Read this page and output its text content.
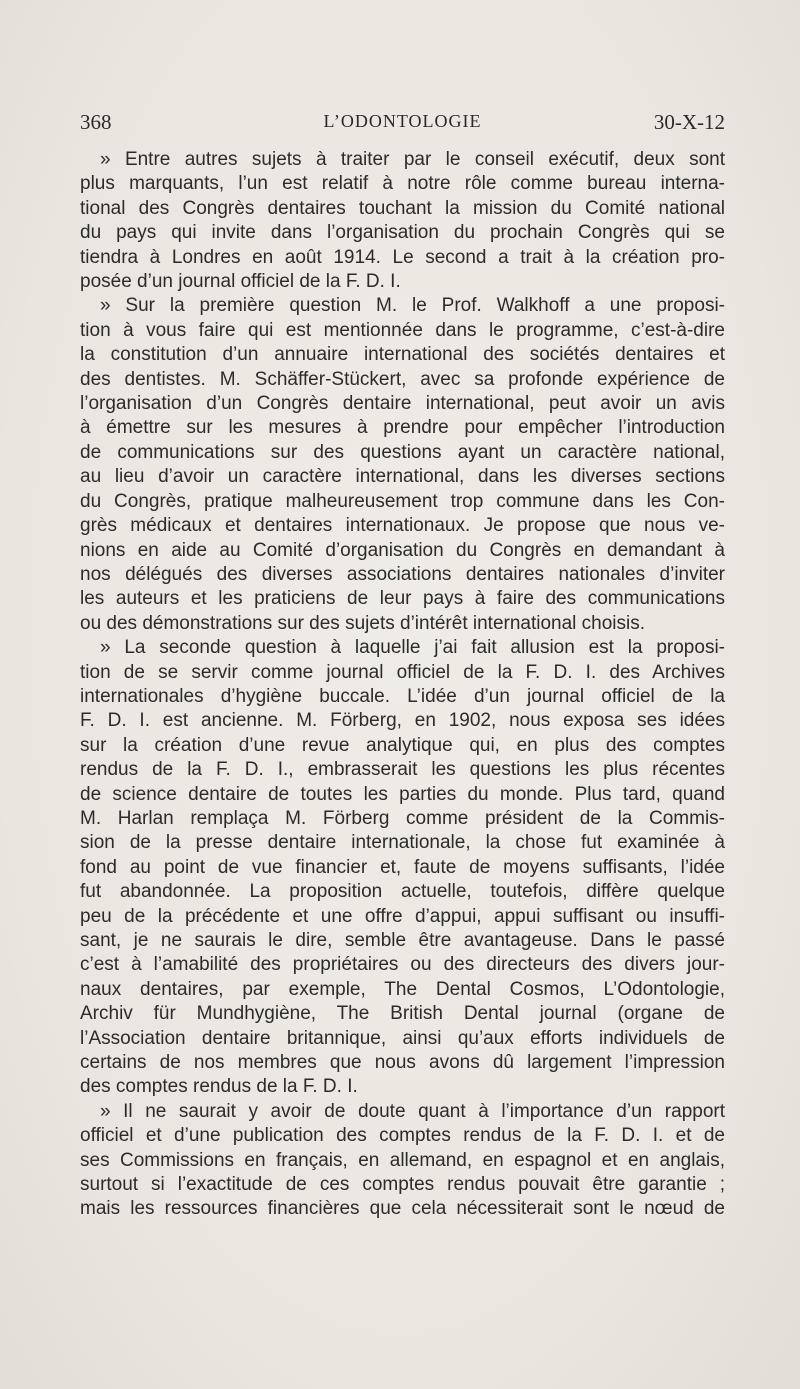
368	L’ODONTOLOGIE	30-X-12
» Entre autres sujets à traiter par le conseil exécutif, deux sont
plus marquants, l’un est relatif à notre rôle comme bureau interna-
tional des Congrès dentaires touchant la mission du Comité national
du pays qui invite dans l’organisation du prochain Congrès qui se
tiendra à Londres en août 1914. Le second a trait à la création pro-
posée d’un journal officiel de la F. D. I.
» Sur la première question M. le Prof. Walkhoff a une proposi-
tion à vous faire qui est mentionnée dans le programme, c’est-à-dire
la constitution d’un annuaire international des sociétés dentaires et
des dentistes. M. Schäffer-Stückert, avec sa profonde expérience de
l’organisation d’un Congrès dentaire international, peut avoir un avis
à émettre sur les mesures à prendre pour empêcher l’introduction
de communications sur des questions ayant un caractère national,
au lieu d’avoir un caractère international, dans les diverses sections
du Congrès, pratique malheureusement trop commune dans les Con-
grès médicaux et dentaires internationaux. Je propose que nous ve-
nions en aide au Comité d’organisation du Congrès en demandant à
nos délégués des diverses associations dentaires nationales d’inviter
les auteurs et les praticiens de leur pays à faire des communications
ou des démonstrations sur des sujets d’intérêt international choisis.
» La seconde question à laquelle j’ai fait allusion est la proposi-
tion de se servir comme journal officiel de la F. D. I. des Archives
internationales d’hygiène buccale. L’idée d’un journal officiel de la
F. D. I. est ancienne. M. Förberg, en 1902, nous exposa ses idées
sur la création d’une revue analytique qui, en plus des comptes
rendus de la F. D. I., embrasserait les questions les plus récentes
de science dentaire de toutes les parties du monde. Plus tard, quand
M. Harlan remplaça M. Förberg comme président de la Commis-
sion de la presse dentaire internationale, la chose fut examinée à
fond au point de vue financier et, faute de moyens suffisants, l’idée
fut abandonnée. La proposition actuelle, toutefois, diffère quelque
peu de la précédente et une offre d’appui, appui suffisant ou insuffi-
sant, je ne saurais le dire, semble être avantageuse. Dans le passé
c’est à l’amabilité des propriétaires ou des directeurs des divers jour-
naux dentaires, par exemple, The Dental Cosmos, L’Odontologie,
Archiv für Mundhygiène, The British Dental journal (organe de
l’Association dentaire britannique, ainsi qu’aux efforts individuels de
certains de nos membres que nous avons dû largement l’impression
des comptes rendus de la F. D. I.
» Il ne saurait y avoir de doute quant à l’importance d’un rapport
officiel et d’une publication des comptes rendus de la F. D. I. et de
ses Commissions en français, en allemand, en espagnol et en anglais,
surtout si l’exactitude de ces comptes rendus pouvait être garantie ;
mais les ressources financières que cela nécessiterait sont le nœud de
